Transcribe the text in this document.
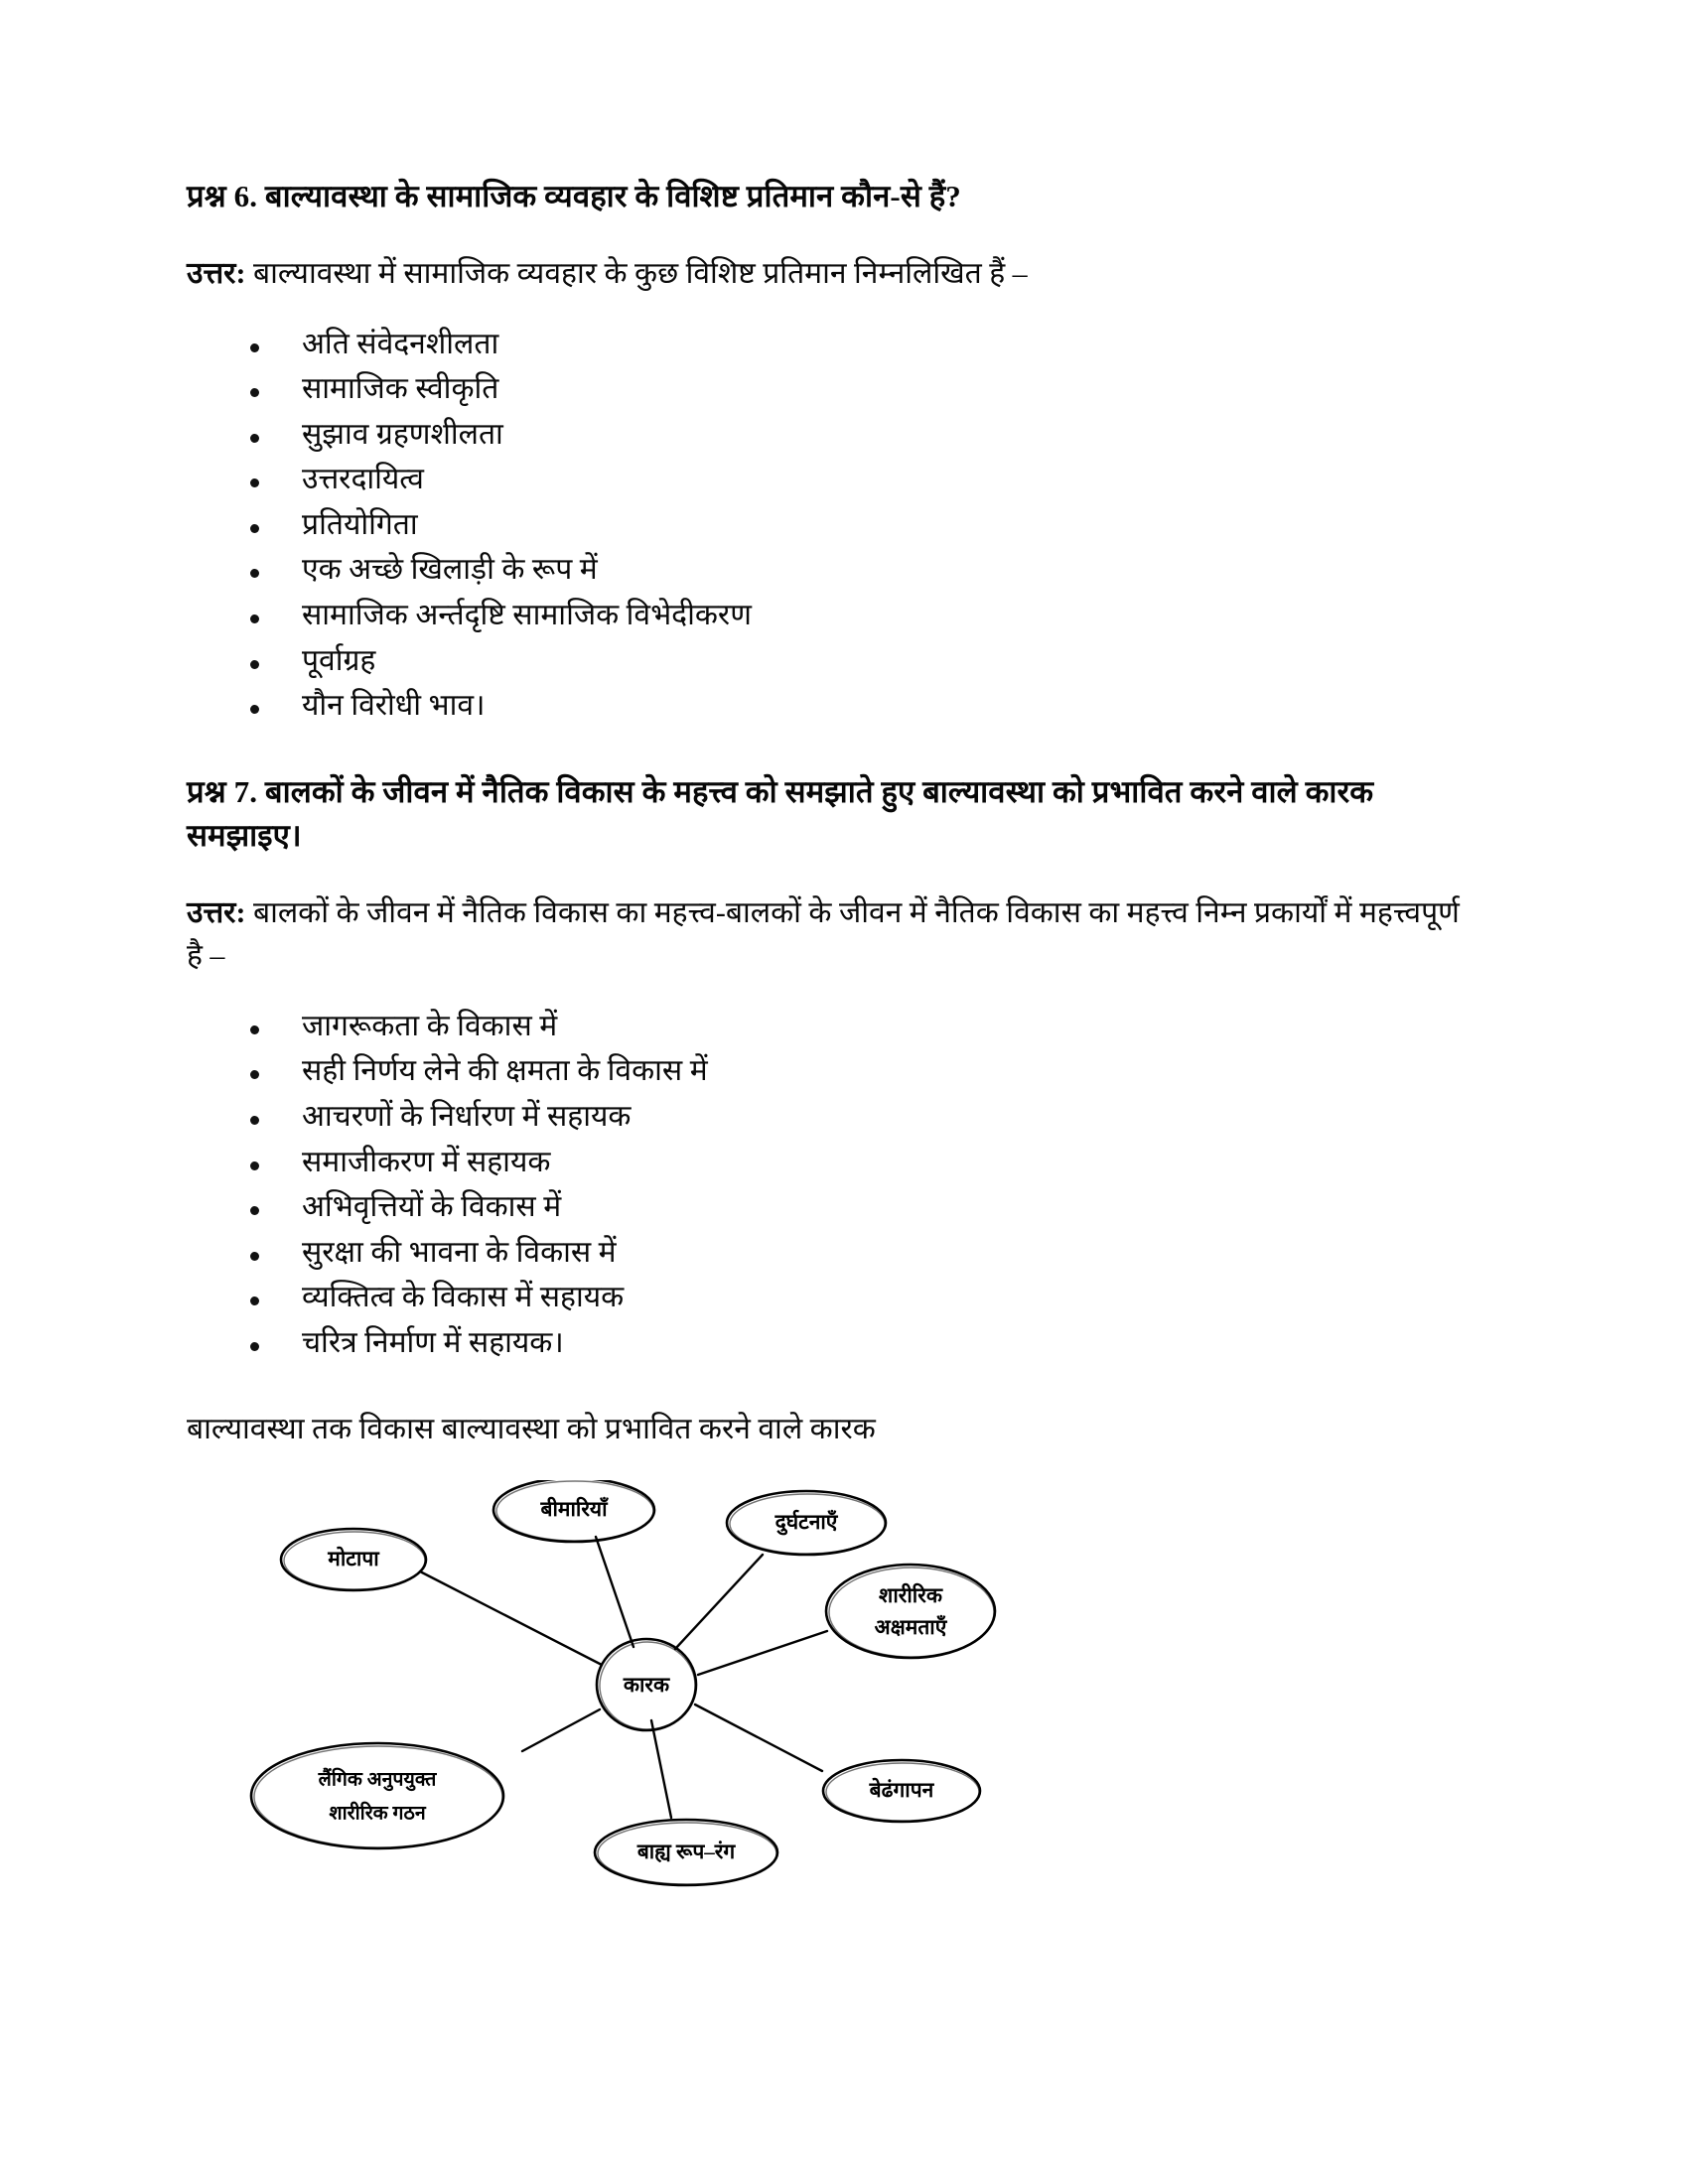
प्रश्न 6. बाल्यावस्था के सामाजिक व्यवहार के विशिष्ट प्रतिमान कौन-से हैं?

उत्तर: बाल्यावस्था में सामाजिक व्यवहार के कुछ विशिष्ट प्रतिमान निम्नलिखित हैं –

अति संवेदनशीलता
सामाजिक स्वीकृति
सुझाव ग्रहणशीलता
उत्तरदायित्व
प्रतियोगिता
एक अच्छे खिलाड़ी के रूप में
सामाजिक अर्न्तदृष्टि सामाजिक विभेदीकरण
पूर्वाग्रह
यौन विरोधी भाव।
प्रश्न 7. बालकों के जीवन में नैतिक विकास के महत्त्व को समझाते हुए बाल्यावस्था को प्रभावित करने वाले कारक समझाइए।

उत्तर: बालकों के जीवन में नैतिक विकास का महत्त्व-बालकों के जीवन में नैतिक विकास का महत्त्व निम्न प्रकार्यों में महत्त्वपूर्ण है –

जागरूकता के विकास में
सही निर्णय लेने की क्षमता के विकास में
आचरणों के निर्धारण में सहायक
समाजीकरण में सहायक
अभिवृत्तियों के विकास में
सुरक्षा की भावना के विकास में
व्यक्तित्व के विकास में सहायक
चरित्र निर्माण में सहायक।

बाल्यावस्था तक विकास बाल्यावस्था को प्रभावित करने वाले कारक

कारक
मोटापा
बीमारियाँ
दुर्घटनाएँ
शारीरिक
अक्षमताएँ
बेढंगापन
बाह्य रूप–रंग
लैंगिक अनुपयुक्त
शारीरिक गठन
